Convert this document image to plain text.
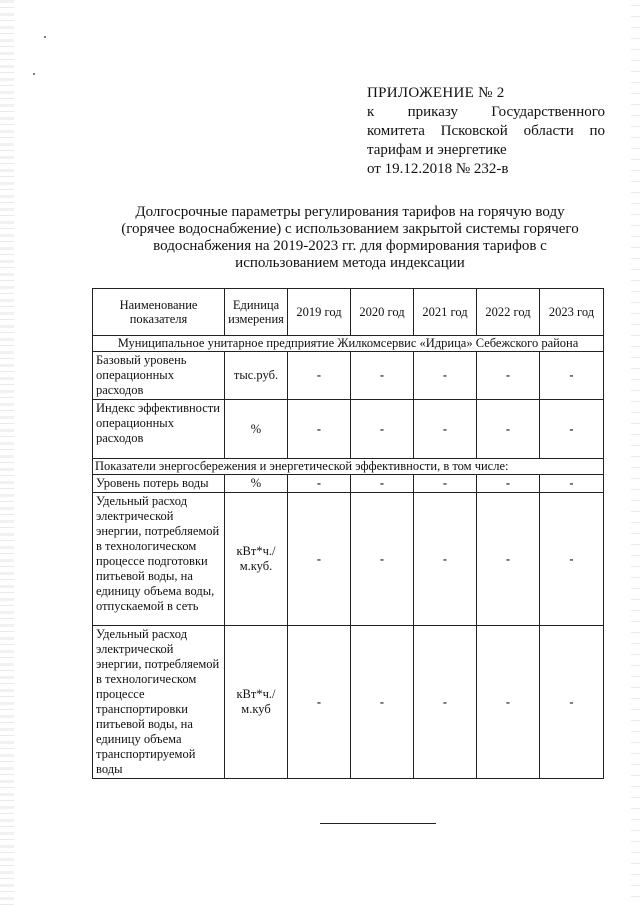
ПРИЛОЖЕНИЕ № 2
к приказу Государственного
комитета Псковской области по
тарифам и энергетике
от 19.12.2018 № 232-в
Долгосрочные параметры регулирования тарифов на горячую воду
(горячее водоснабжение) с использованием закрытой системы горячего
водоснабжения на 2019-2023 гг. для формирования тарифов с
использованием метода индексации
Наименование показателя	Единица измерения	2019 год	2020 год	2021 год	2022 год	2023 год
Муниципальное унитарное предприятие Жилкомсервис «Идрица» Себежского района						
Базовый уровень операционных расходов	тыс.руб.	-	-	-	-	-
Индекс эффективности операционных расходов	%	-	-	-	-	-
Показатели энергосбережения и энергетической эффективности, в том числе:						
Уровень потерь воды	%	-	-	-	-	-
Удельный расход электрической энергии, потребляемой в технологическом процессе подготовки питьевой воды, на единицу объема воды, отпускаемой в сеть	кВт*ч./м.куб.	-	-	-	-	-
Удельный расход электрической энергии, потребляемой в технологическом процессе транспортировки питьевой воды, на единицу объема транспортируемой воды	кВт*ч./м.куб	-	-	-	-	-
